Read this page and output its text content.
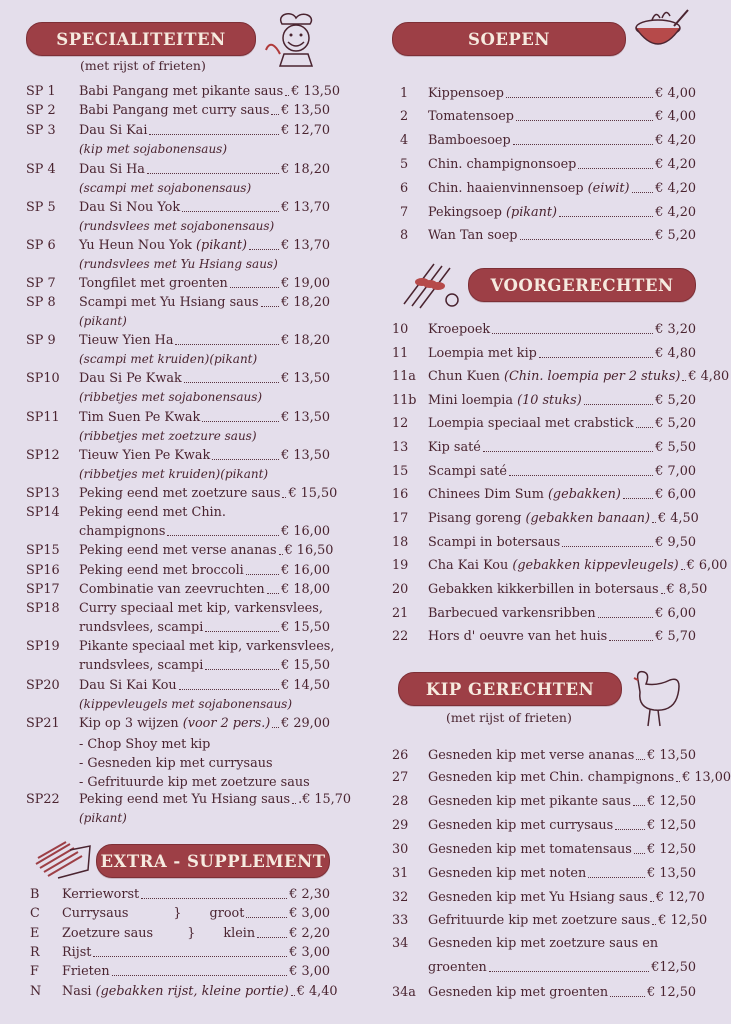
SPECIALITEITEN
(met rijst of frieten)
SP 1	Babi Pangang met pikante saus € 13,50
SP 2	Babi Pangang met curry saus € 13,50
SP 3	Dau Si Kai	€ 12,70
(kip met sojabonensaus)
SP 4	Dau Si Ha	€ 18,20
(scampi met sojabonensaus)
SP 5	Dau Si Nou Yok	€ 13,70
(rundsvlees met sojabonensaus)
SP 6	Yu Heun Nou Yok (pikant)	€ 13,70
(rundsvlees met Yu Hsiang saus)
SP 7	Tongfilet met groenten	€ 19,00
SP 8	Scampi met Yu Hsiang saus € 18,20
(pikant)
SP 9	Tieuw Yien Ha	€ 18,20
(scampi met kruiden)(pikant)
SP10	Dau Si Pe Kwak	€ 13,50
(ribbetjes met sojabonensaus)
SP11	Tim Suen Pe Kwak	€ 13,50
(ribbetjes met zoetzure saus)
SP12	Tieuw Yien Pe Kwak	€ 13,50
(ribbetjes met kruiden)(pikant)
SP13	Peking eend met zoetzure saus € 15,50
SP14 Peking eend met Chin.
champignons	€ 16,00
SP15	Peking eend met verse ananas € 16,50
SP16	Peking eend met broccoli	€ 16,00
SP17	Combinatie van zeevruchten € 18,00
SP18 Curry speciaal met kip, varkensvlees,
rundsvlees, scampi	€ 15,50
SP19 Pikante speciaal met kip, varkensvlees,
rundsvlees, scampi	€ 15,50
SP20	Dau Si Kai Kou	€ 14,50
(kippevleugels met sojabonensaus)
SP21	Kip op 3 wijzen (voor 2 pers.) € 29,00
- Chop Shoy met kip
- Gesneden kip met currysaus
- Gefrituurde kip met zoetzure saus
SP22	Peking eend met Yu Hsiang saus .€ 15,70
(pikant)
EXTRA - SUPPLEMENT
B	Kerrieworst	€ 2,30
C	Currysaus	} groot	€ 3,00
E	Zoetzure saus	} klein	€ 2,20
R	Rijst	€ 3,00
F	Frieten	€ 3,00
N	Nasi (gebakken rijst, kleine portie) € 4,40
SOEPEN
1	Kippensoep	€ 4,00
2	Tomatensoep	€ 4,00
4	Bamboesoep	€ 4,20
5	Chin. champignonsoep	€ 4,20
6	Chin. haaienvinnensoep (eiwit) € 4,20
7	Pekingsoep (pikant)	€ 4,20
8	Wan Tan soep	€ 5,20
VOORGERECHTEN
10	Kroepoek	€ 3,20
11	Loempia met kip	€ 4,80
11a Chun Kuen (Chin. loempia per 2 stuks) € 4,80
11b Mini loempia (10 stuks)	€ 5,20
12	Loempia speciaal met crabstick € 5,20
13	Kip saté	€ 5,50
15	Scampi saté	€ 7,00
16	Chinees Dim Sum (gebakken)	€ 6,00
17	Pisang goreng (gebakken banaan) € 4,50
18	Scampi in botersaus	€ 9,50
19	Cha Kai Kou (gebakken kippevleugels) € 6,00
20	Gebakken kikkerbillen in botersaus € 8,50
21	Barbecued varkensribben	€ 6,00
22	Hors d' oeuvre van het huis	€ 5,70
KIP GERECHTEN
(met rijst of frieten)
26	Gesneden kip met verse ananas € 13,50
27	Gesneden kip met Chin. champignons € 13,00
28	Gesneden kip met pikante saus € 12,50
29	Gesneden kip met currysaus	€ 12,50
30	Gesneden kip met tomatensaus € 12,50
31	Gesneden kip met noten	€ 13,50
32	Gesneden kip met Yu Hsiang saus € 12,70
33	Gefrituurde kip met zoetzure saus € 12,50
34 Gesneden kip met zoetzure saus en
groenten	€12,50
34a Gesneden kip met groenten	€ 12,50
